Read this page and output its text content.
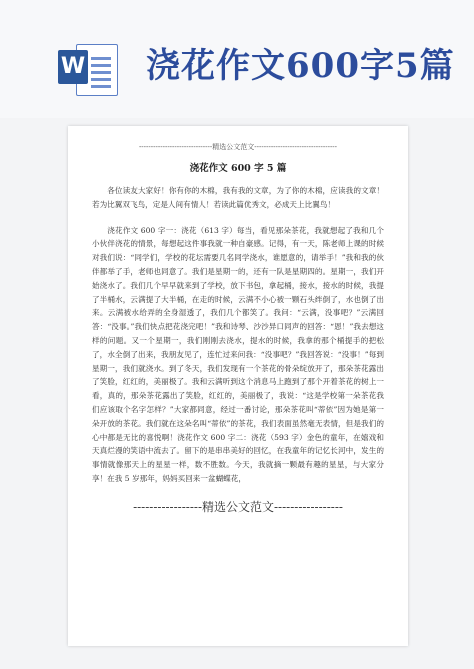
W 浇花作文600字5篇
-------------------------------精选公文范文-----------------------------------
浇花作文 600 字 5 篇

各位读友大家好！你有你的木棉，我有我的文章，为了你的木棉，应读我的文章！若为比翼双飞鸟，定是人间有情人！若读此篇优秀文，必成天上比翼鸟！

浇花作文 600 字一：浇花（613 字）每当，看见那朵茶花，我就想起了我和几个小伙伴浇花的情景，每想起这件事我就一种自豪感。记得，有一天，陈老师上课的时候对我们说：“同学们，学校的花坛需要几名同学浇水，谁愿意的，请举手！”我和我的伙伴都举了手，老师也同意了。我们是星期一的，还有一队是星期四的。星期一，我们开始浇水了。我们几个早早就来到了学校，放下书包，拿起桶，接水，接水的时候，我提了半桶水，云满提了大半桶，在走的时候，云满不小心被一颗石头绊倒了，水也倒了出来。云满被水给弄的全身湿透了，我们几个都笑了。我问：“云满，没事吧？”云满回答：“没事。”我们快点把花浇完吧！”我和诗琴、沙沙异口同声的回答：“恩！”我去想这样的问题。又一个星期一，我们刚刚去浇水，提水的时候，我拿的那个桶提手的把松了，水全倒了出来，我朋友见了，连忙过来问我：“没事吧？”我回答说：“没事！”每到星期一，我们就浇水。到了冬天，我们发现有一个茶花的骨朵绽放开了，那朵茶花露出了笑脸，红红的，美丽极了。我和云满听到这个消息马上跑到了那个开着茶花的树上一看，真的，那朵茶花露出了笑脸，红红的，美丽极了，我说：“这是学校第一朵茶花我们应该取个名字怎样？”大家都同意，经过一番讨论，那朵茶花叫“蒂依”因为她是第一朵开放的茶花。我们就在这朵名叫“蒂依”的茶花，我们表面虽然毫无表情，但是我们的心中都是无比的喜悦啊！浇花作文 600 字二：浇花（593 字）金色的童年，在嬉戏和天真烂漫的笑语中流去了。留下的是串串美好的回忆，在我童年的记忆长河中，发生的事情就像那天上的星星一样，数不胜数。今天，我就摘一颗最有趣的星星，与大家分享！在我 5 岁那年，妈妈买回来一盆蝴蝶花，

-----------------精选公文范文-----------------
